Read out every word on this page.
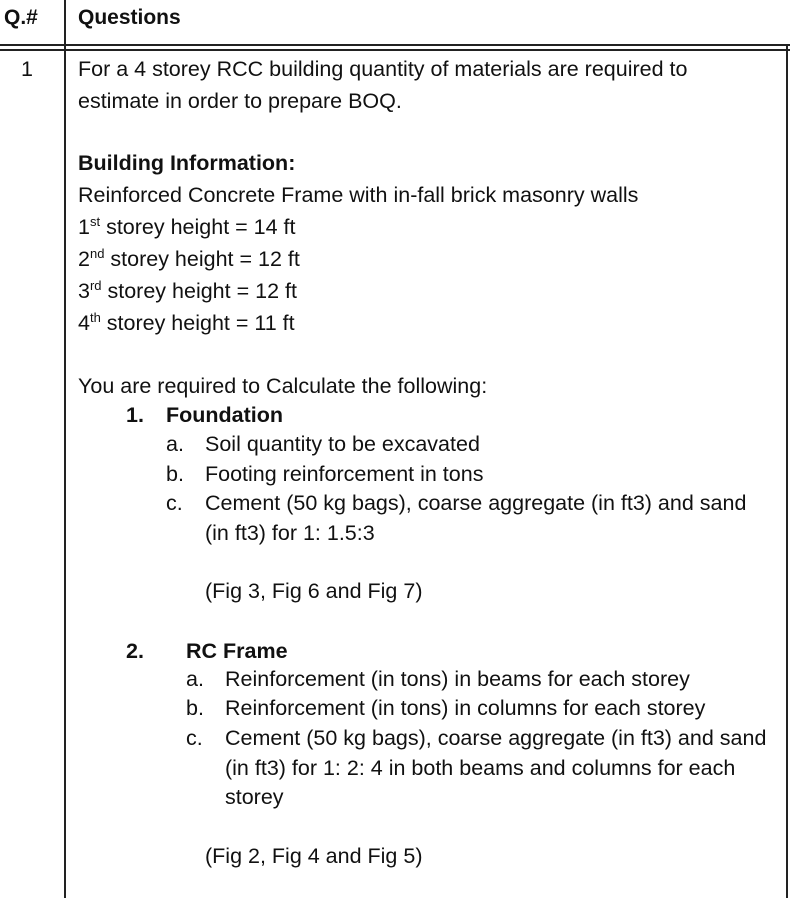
Q.# Questions
1 For a 4 storey RCC building quantity of materials are required to
estimate in order to prepare BOQ.
Building Information:
Reinforced Concrete Frame with in-fall brick masonry walls
1st storey height = 14 ft
2nd storey height = 12 ft
3rd storey height = 12 ft
4th storey height = 11 ft
You are required to Calculate the following:
1. Foundation
a. Soil quantity to be excavated
b. Footing reinforcement in tons
c. Cement (50 kg bags), coarse aggregate (in ft3) and sand
(in ft3) for 1: 1.5:3
(Fig 3, Fig 6 and Fig 7)
2. RC Frame
a. Reinforcement (in tons) in beams for each storey
b. Reinforcement (in tons) in columns for each storey
c. Cement (50 kg bags), coarse aggregate (in ft3) and sand
(in ft3) for 1: 2: 4 in both beams and columns for each
storey
(Fig 2, Fig 4 and Fig 5)
